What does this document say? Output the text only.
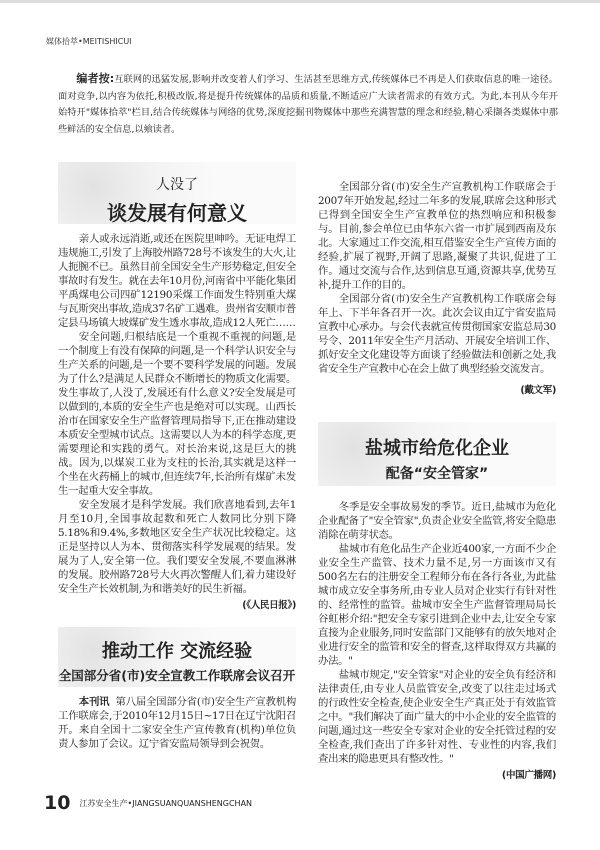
媒体拾萃•MEITISHICUI
编者按:互联网的迅猛发展,影响并改变着人们学习、生活甚至思维方式,传统媒体已不再是人们获取信息的唯一途径。面对竞争,以内容为依托,积极改版,将是提升传统媒体的品质和质量,不断适应广大读者需求的有效方式。为此,本刊从今年开始特开"媒体拾萃"栏目,结合传统媒体与网络的优势,深度挖掘刊物媒体中那些充满智慧的理念和经验,精心采撷各类媒体中那些鲜活的安全信息,以飨读者。
人没了
谈发展有何意义

亲人或永远消逝,或还在医院里呻吟。无证电焊工违规施工,引发了上海胶州路728号不该发生的大火,让人扼腕不已。虽然目前全国安全生产形势稳定,但安全事故时有发生。就在去年10月份,河南省中平能化集团平禹煤电公司四矿12190采煤工作面发生特别重大煤与瓦斯突出事故,造成37名矿工遇难。贵州省安顺市普定县马场镇大坡煤矿发生透水事故,造成12人死亡……

安全问题,归根结底是一个重视不重视的问题,是一个制度上有没有保障的问题,是一个科学认识安全与生产关系的问题,是一个要不要科学发展的问题。发展为了什么?是满足人民群众不断增长的物质文化需要。发生事故了,人没了,发展还有什么意义?安全发展是可以做到的,本质的安全生产也是绝对可以实现。山西长治市在国家安全生产监督管理局指导下,正在推动建设本质安全型城市试点。这需要以人为本的科学态度,更需要理论和实践的勇气。对长治来说,这是巨大的挑战。因为,以煤炭工业为支柱的长治,其实就是这样一个坐在火药桶上的城市,但连续7年,长治所有煤矿未发生一起重大安全事故。

安全发展才是科学发展。我们欣喜地看到,去年1月至10月,全国事故起数和死亡人数同比分别下降5.18%和9.4%,多数地区安全生产状况比较稳定。这正是坚持以人为本、贯彻落实科学发展观的结果。发展为了人,安全第一位。我们要安全发展,不要血淋淋的发展。胶州路728号大火再次警醒人们,着力建设好安全生产长效机制,为和谐美好的民生祈福。

(《人民日报》)
推动工作 交流经验
全国部分省(市)安全宣教工作联席会议召开

本刊讯 第八届全国部分省(市)安全生产宣教机构工作联席会,于2010年12月15日~17日在辽宁沈阳召开。来自全国十二家安全生产宣传教育(机构)单位负责人参加了会议。辽宁省安监局领导到会祝贺。

全国部分省(市)安全生产宣教机构工作联席会于2007年开始发起,经过二年多的发展,联席会这种形式已得到全国安全生产宣教单位的热烈响应和积极参与。目前,参会单位已由华东六省一市扩展到西南及东北。大家通过工作交流,相互借鉴安全生产宣传方面的经验,扩展了视野,开阔了思路,凝聚了共识,促进了工作。通过交流与合作,达到信息互通,资源共享,优势互补,提升工作的目的。

全国部分省(市)安全生产宣教机构工作联席会每年上、下半年各召开一次。此次会议由辽宁省安监局宣教中心承办。与会代表就宣传贯彻国家安监总局30号令、2011年安全生产月活动、开展安全培训工作、抓好安全文化建设等方面谈了经验做法和创新之处,我省安全生产宣教中心在会上做了典型经验交流发言。

(戴文军)
盐城市给危化企业
配备“安全管家”

冬季是安全事故易发的季节。近日,盐城市为危化企业配备了"安全管家",负责企业安全监管,将安全隐患消除在萌芽状态。

盐城市有危化品生产企业近400家,一方面不少企业安全生产监管、技术力量不足,另一方面该市又有500名左右的注册安全工程师分布在各行各业,为此盐城市成立安全事务所,由专业人员对企业实行有针对性的、经常性的监管。盐城市安全生产监督管理局局长谷虹彬介绍:"把安全专家引进到企业中去,让安全专家直接为企业服务,同时安监部门又能够有的放矢地对企业进行安全的监管和安全的督查,这样取得双方共赢的办法。"

盐城市规定,"安全管家"对企业的安全负有经济和法律责任,由专业人员监管安全,改变了以往走过场式的行政性安全检查,使企业安全生产真正处于有效监管之中。"我们解决了面广量大的中小企业的安全监管的问题,通过这一些安全专家对企业的安全托管过程的安全检查,我们查出了许多针对性、专业性的内容,我们查出来的隐患更具有整改性。"

(中国广播网)
10 江苏安全生产•JIANGSUANQUANSHENGCHAN
